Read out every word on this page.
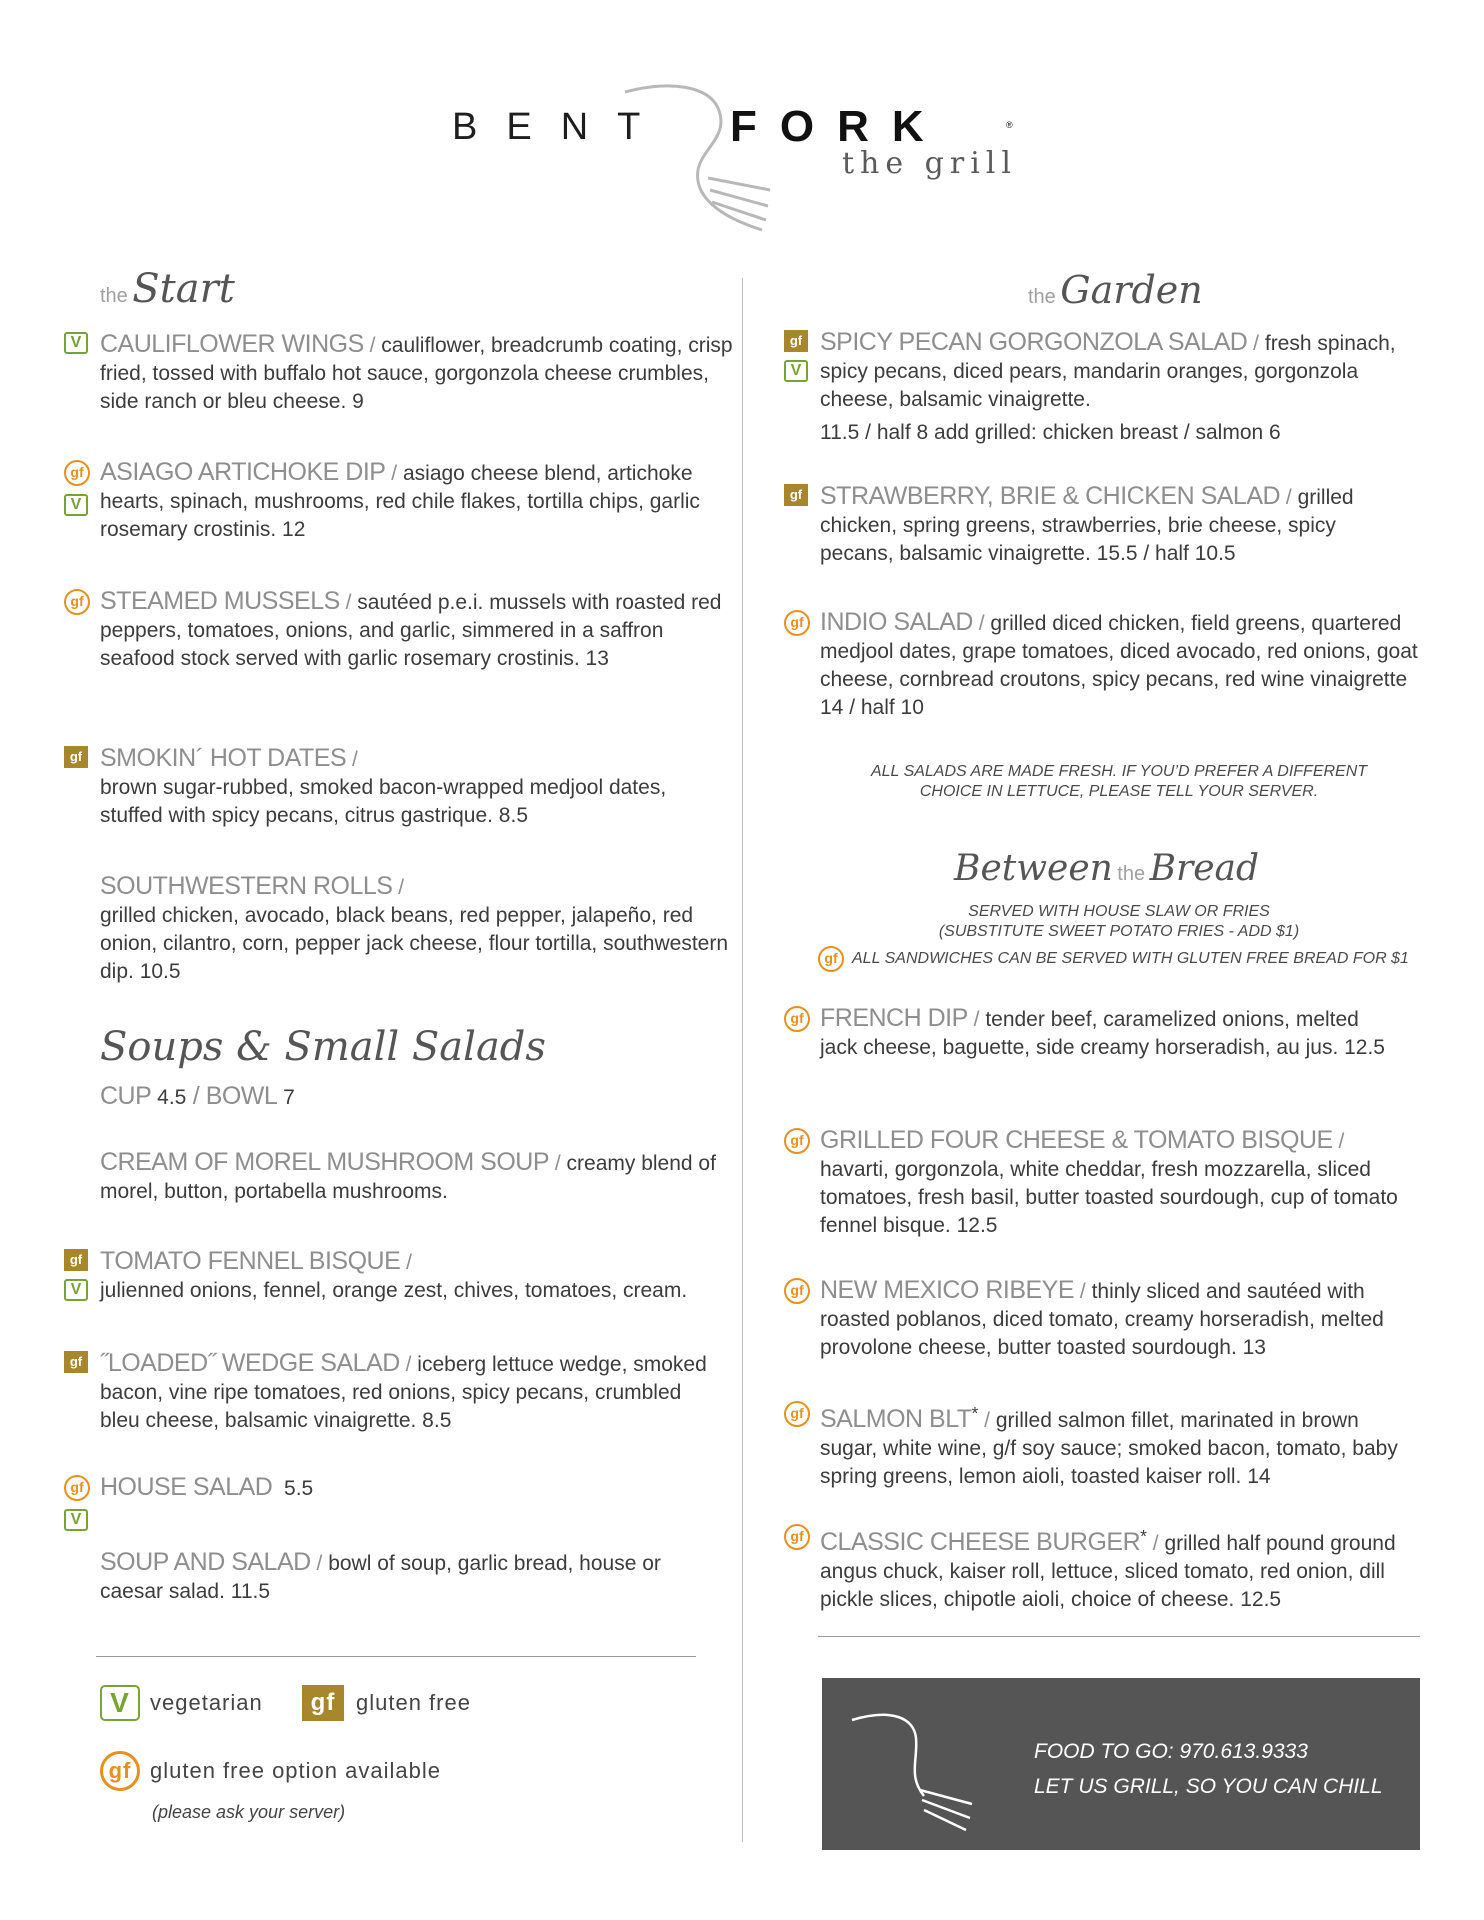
BENT FORK	®
the grill
the Start
V CAULIFLOWER WINGS / cauliflower, breadcrumb coating, crisp fried, tossed with buffalo hot sauce, gorgonzola cheese crumbles, side ranch or bleu cheese. 9
gf
V
ASIAGO ARTICHOKE DIP / asiago cheese blend, artichoke hearts, spinach, mushrooms, red chile flakes, tortilla chips, garlic rosemary crostinis. 12
gf STEAMED MUSSELS / sautéed p.e.i. mussels with roasted red peppers, tomatoes, onions, and garlic, simmered in a saffron seafood stock served with garlic rosemary crostinis. 13
gf SMOKIN´ HOT DATES /
brown sugar-rubbed, smoked bacon-wrapped medjool dates, stuffed with spicy pecans, citrus gastrique. 8.5
SOUTHWESTERN ROLLS /
grilled chicken, avocado, black beans, red pepper, jalapeño, red onion, cilantro, corn, pepper jack cheese, flour tortilla, southwestern dip. 10.5
Soups & Small Salads
CUP 4.5 / BOWL 7
CREAM OF MOREL MUSHROOM SOUP / creamy blend of morel, button, portabella mushrooms.
gf
V
TOMATO FENNEL BISQUE /
julienned onions, fennel, orange zest, chives, tomatoes, cream.
gf ˝LOADED˝ WEDGE SALAD / iceberg lettuce wedge, smoked bacon, vine ripe tomatoes, red onions, spicy pecans, crumbled bleu cheese, balsamic vinaigrette. 8.5
gf
V
HOUSE SALAD 5.5
SOUP AND SALAD / bowl of soup, garlic bread, house or caesar salad. 11.5
V vegetarian	gf gluten free
gf gluten free option available
(please ask your server)
the Garden
gf
V
SPICY PECAN GORGONZOLA SALAD / fresh spinach, spicy pecans, diced pears, mandarin oranges, gorgonzola cheese, balsamic vinaigrette.
11.5 / half 8 add grilled: chicken breast / salmon 6
gf STRAWBERRY, BRIE & CHICKEN SALAD / grilled chicken, spring greens, strawberries, brie cheese, spicy pecans, balsamic vinaigrette. 15.5 / half 10.5
gf INDIO SALAD / grilled diced chicken, field greens, quartered medjool dates, grape tomatoes, diced avocado, red onions, goat cheese, cornbread croutons, spicy pecans, red wine vinaigrette 14 / half 10
ALL SALADS ARE MADE FRESH. IF YOU’D PREFER A DIFFERENT CHOICE IN LETTUCE, PLEASE TELL YOUR SERVER.
Between the Bread
SERVED WITH HOUSE SLAW OR FRIES
(SUBSTITUTE SWEET POTATO FRIES - ADD $1)
gf ALL SANDWICHES CAN BE SERVED WITH GLUTEN FREE BREAD FOR $1
gf FRENCH DIP / tender beef, caramelized onions, melted jack cheese, baguette, side creamy horseradish, au jus. 12.5
gf GRILLED FOUR CHEESE & TOMATO BISQUE / havarti, gorgonzola, white cheddar, fresh mozzarella, sliced tomatoes, fresh basil, butter toasted sourdough, cup of tomato fennel bisque. 12.5
gf NEW MEXICO RIBEYE / thinly sliced and sautéed with roasted poblanos, diced tomato, creamy horseradish, melted provolone cheese, butter toasted sourdough. 13
gf SALMON BLT* / grilled salmon fillet, marinated in brown sugar, white wine, g/f soy sauce; smoked bacon, tomato, baby spring greens, lemon aioli, toasted kaiser roll. 14
gf CLASSIC CHEESE BURGER* / grilled half pound ground angus chuck, kaiser roll, lettuce, sliced tomato, red onion, dill pickle slices, chipotle aioli, choice of cheese. 12.5
FOOD TO GO: 970.613.9333
LET US GRILL, SO YOU CAN CHILL
